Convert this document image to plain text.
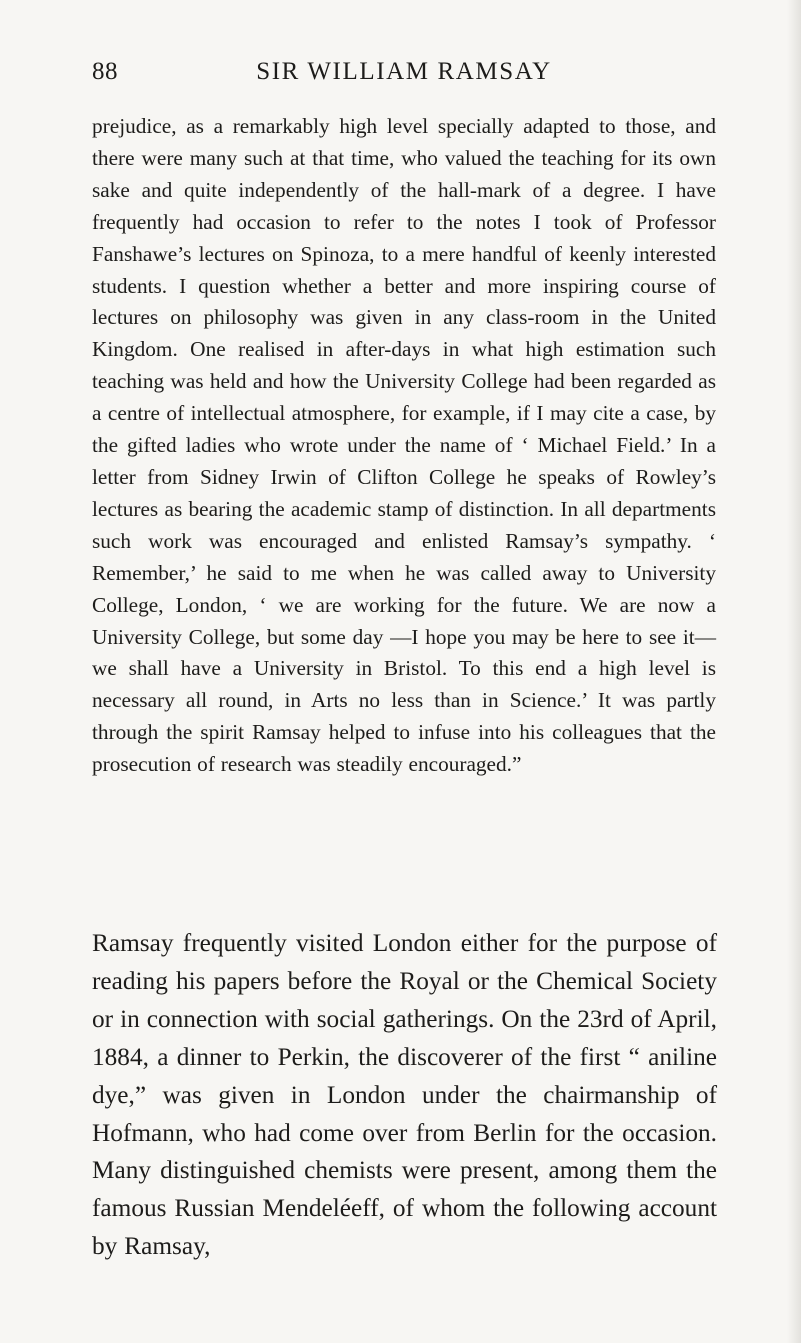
88	SIR WILLIAM RAMSAY

prejudice, as a remarkably high level specially adapted to those, and there were many such at that time, who valued the teaching for its own sake and quite independently of the hall-mark of a degree. I have frequently had occasion to refer to the notes I took of Professor Fanshawe’s lectures on Spinoza, to a mere handful of keenly interested students. I question whether a better and more inspiring course of lectures on philosophy was given in any class-room in the United Kingdom. One realised in after-days in what high estimation such teaching was held and how the University College had been regarded as a centre of intellectual atmosphere, for example, if I may cite a case, by the gifted ladies who wrote under the name of ‘ Michael Field.’ In a letter from Sidney Irwin of Clifton College he speaks of Rowley’s lectures as bearing the academic stamp of distinction. In all departments such work was encouraged and enlisted Ramsay’s sympathy. ‘ Remember,’ he said to me when he was called away to University College, London, ‘ we are working for the future. We are now a University College, but some day —I hope you may be here to see it—we shall have a University in Bristol. To this end a high level is necessary all round, in Arts no less than in Science.’ It was partly through the spirit Ramsay helped to infuse into his colleagues that the prosecution of research was steadily encouraged.”

Ramsay frequently visited London either for the purpose of reading his papers before the Royal or the Chemical Society or in connection with social gatherings. On the 23rd of April, 1884, a dinner to Perkin, the discoverer of the first “ aniline dye,” was given in London under the chairmanship of Hofmann, who had come over from Berlin for the occasion. Many distinguished chemists were present, among them the famous Russian Mendeléeff, of whom the following account by Ramsay,
